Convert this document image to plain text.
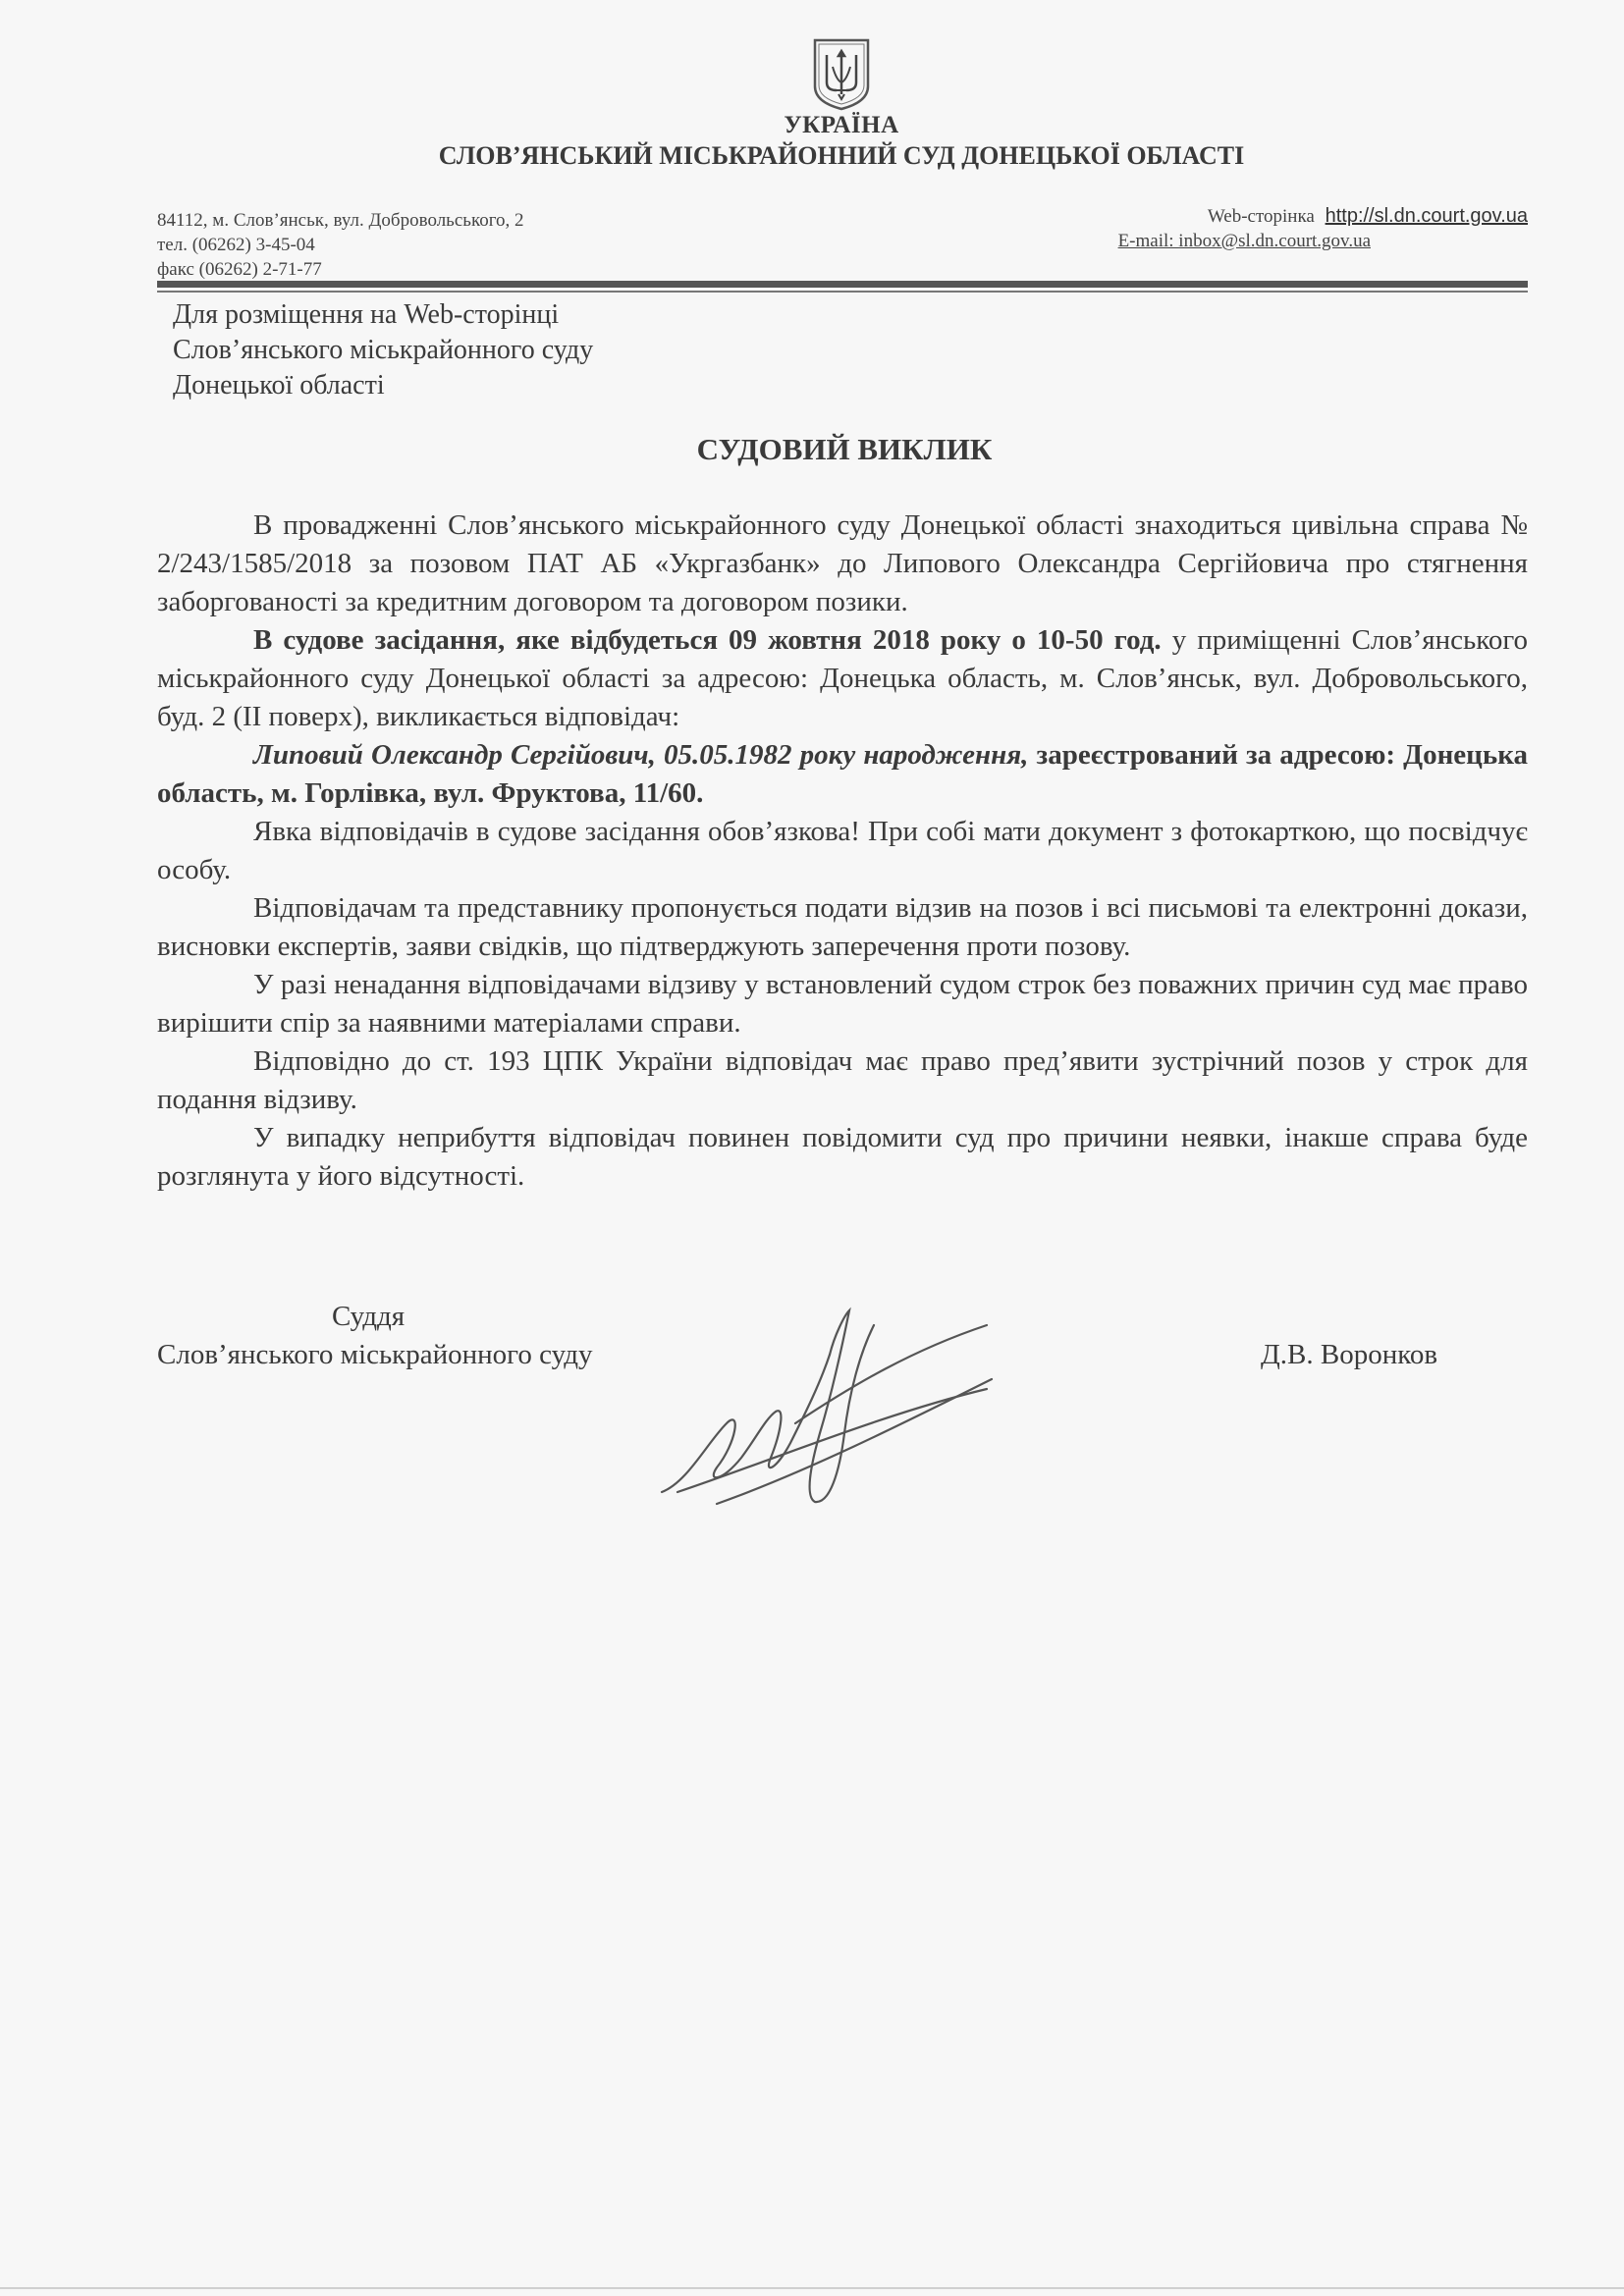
УКРАЇНА
СЛОВ’ЯНСЬКИЙ МІСЬКРАЙОННИЙ СУД ДОНЕЦЬКОЇ ОБЛАСТІ
84112, м. Слов’янськ, вул. Добровольського, 2
тел. (06262) 3-45-04
факс (06262) 2-71-77
Web-сторінка http://sl.dn.court.gov.ua
E-mail: inbox@sl.dn.court.gov.ua
Для розміщення на Web-сторінці
Слов’янського міськрайонного суду
Донецької області
СУДОВИЙ ВИКЛИК

В провадженні Слов’янського міськрайонного суду Донецької області знаходиться цивільна справа № 2/243/1585/2018 за позовом ПАТ АБ «Укргазбанк» до Липового Олександра Сергійовича про стягнення заборгованості за кредитним договором та договором позики.

В судове засідання, яке відбудеться 09 жовтня 2018 року о 10-50 год. у приміщенні Слов’янського міськрайонного суду Донецької області за адресою: Донецька область, м. Слов’янськ, вул. Добровольського, буд. 2 (ІІ поверх), викликається відповідач:

Липовий Олександр Сергійович, 05.05.1982 року народження, зареєстрований за адресою: Донецька область, м. Горлівка, вул. Фруктова, 11/60.

Явка відповідачів в судове засідання обов’язкова! При собі мати документ з фотокарткою, що посвідчує особу.

Відповідачам та представнику пропонується подати відзив на позов і всі письмові та електронні докази, висновки експертів, заяви свідків, що підтверджують заперечення проти позову.

У разі ненадання відповідачами відзиву у встановлений судом строк без поважних причин суд має право вирішити спір за наявними матеріалами справи.

Відповідно до ст. 193 ЦПК України відповідач має право пред’явити зустрічний позов у строк для подання відзиву.

У випадку неприбуття відповідач повинен повідомити суд про причини неявки, інакше справа буде розглянута у його відсутності.

Суддя
Слов’янського міськрайонного суду	Д.В. Воронков
